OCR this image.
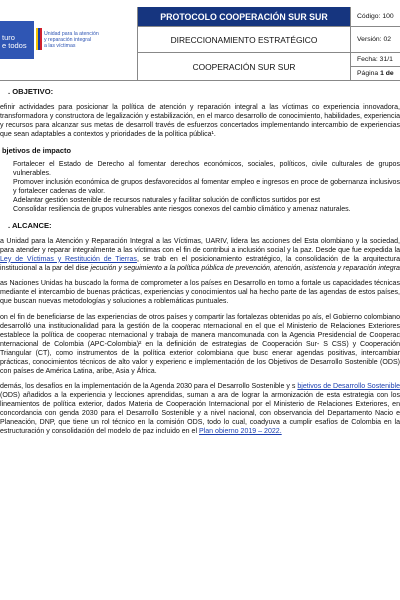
turo
e todos
Unidad para la atención
y reparación integral
a las víctimas
PROTOCOLO COOPERACIÓN SUR SUR
DIRECCIONAMIENTO ESTRATÉGICO
COOPERACIÓN SUR SUR
Código: 100
Versión: 02
Fecha: 31/1
Página
1 de
. OBJETIVO:

efinir actividades para posicionar la política de atención y reparación integral a las víctimas co experiencia innovadora, transformadora y constructora de legalización y estabilización, en el marco desarrollo de conocimiento, habilidades, experiencia y recursos para alcanzar sus metas de desarroll través de esfuerzos concertados implementando intercambio de experiencias que sean adaptables a contextos y prioridades de la política pública¹.

bjetivos de impacto
Fortalecer el Estado de Derecho al fomentar derechos económicos, sociales, políticos, civile culturales de grupos vulnerables.
Promover inclusión económica de grupos desfavorecidos al fomentar empleo e ingresos en proce de gobernanza inclusivos y fortalecer cadenas de valor.
Adelantar gestión sostenible de recursos naturales y facilitar solución de conflictos surtidos por est
Consolidar resiliencia de grupos vulnerables ante riesgos conexos del cambio climático y amenaz naturales.
. ALCANCE:

a Unidad para la Atención y Reparación Integral a las Víctimas, UARIV, lidera las acciones del Esta olombiano y la sociedad, para atender y reparar integralmente a las víctimas con el fin de contribui a inclusión social y la paz. Desde que fue expedida la Ley de Víctimas y Restitución de Tierras, se trab en el posicionamiento estratégico, la consolidación de la arquitectura institucional a la par del dise jecución y seguimiento a la política pública de prevención, atención, asistencia y reparación integra

as Naciones Unidas ha buscado la forma de comprometer a los países en Desarrollo en torno a fortale us capacidades técnicas mediante el intercambio de buenas prácticas, experiencias y conocimientos ual ha hecho parte de las agendas de estos países, que buscan nuevas metodologías y soluciones a roblemáticas puntuales.

on el fin de beneficiarse de las experiencias de otros países y compartir las fortalezas obtenidas po aís, el Gobierno colombiano desarrolló una institucionalidad para la gestión de la cooperac nternacional en el que el Ministerio de Relaciones Exteriores establece la política de cooperac nternacional y trabaja de manera mancomunada con la Agencia Presidencial de Cooperac nternacional de Colombia (APC-Colombia)² en la definición de estrategias de Cooperación Sur- S CSS) y Cooperación Triangular (CT), como instrumentos de la política exterior colombiana que busc enerar agendas positivas, intercambiar prácticas, conocimientos técnicos de alto valor y experienc e implementación de los Objetivos de Desarrollo Sostenible (ODS) con países de América Latina, aribe, Asia y África.

demás, los desafíos en la implementación de la Agenda 2030 para el Desarrollo Sostenible y s bjetivos de Desarrollo Sostenible (ODS) añadidos a la experiencia y lecciones aprendidas, suman a ara de lograr la armonización de esta estrategia con los lineamientos de política exterior, dados Materia de Cooperación Internacional por el Ministerio de Relaciones Exteriores, en concordancia con genda 2030 para el Desarrollo Sostenible y a nivel nacional, con observancia del Departamento Nacio e Planeación, DNP, que tiene un rol técnico en la comisión ODS, todo lo cual, coadyuva a cumplir esafíos de Colombia en la estructuración y consolidación del modelo de paz incluido en el Plan obierno 2019 – 2022.
